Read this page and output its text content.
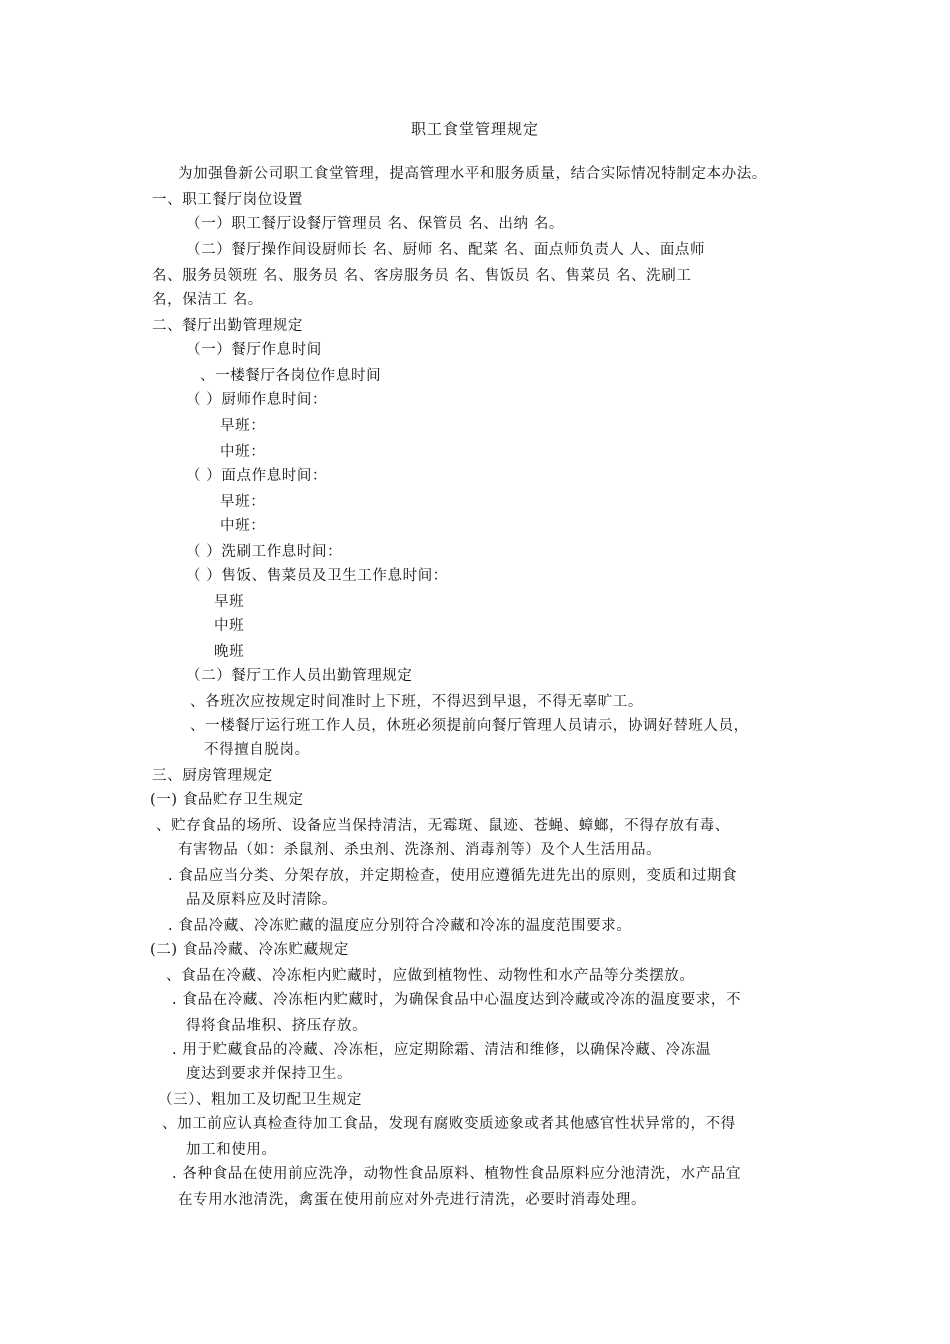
职工食堂管理规定
为加强鲁新公司职工食堂管理，提高管理水平和服务质量，结合实际情况特制定本办法。
一、职工餐厅岗位设置
（一）职工餐厅设餐厅管理员 名、保管员 名、出纳 名。
（二）餐厅操作间设厨师长 名、厨师 名、配菜 名、面点师负责人 人、面点师
名、服务员领班 名、服务员 名、客房服务员 名、售饭员 名、售菜员 名、洗刷工
名，保洁工 名。
二、餐厅出勤管理规定
（一）餐厅作息时间
、一楼餐厅各岗位作息时间
（ ）厨师作息时间：
早班：
中班：
（ ）面点作息时间：
早班：
中班：
（ ）洗刷工作息时间：
（ ）售饭、售菜员及卫生工作息时间：
早班
中班
晚班
（二）餐厅工作人员出勤管理规定
、各班次应按规定时间准时上下班，不得迟到早退，不得无辜旷工。
、一楼餐厅运行班工作人员，休班必须提前向餐厅管理人员请示，协调好替班人员，
不得擅自脱岗。
三、厨房管理规定
(一) 食品贮存卫生规定
、贮存食品的场所、设备应当保持清洁，无霉斑、鼠迹、苍蝇、蟑螂，不得存放有毒、
有害物品（如：杀鼠剂、杀虫剂、洗涤剂、消毒剂等）及个人生活用品。
. 食品应当分类、分架存放，并定期检查，使用应遵循先进先出的原则，变质和过期食
品及原料应及时清除。
. 食品冷藏、冷冻贮藏的温度应分别符合冷藏和冷冻的温度范围要求。
(二) 食品冷藏、冷冻贮藏规定
、食品在冷藏、冷冻柜内贮藏时，应做到植物性、动物性和水产品等分类摆放。
. 食品在冷藏、冷冻柜内贮藏时，为确保食品中心温度达到冷藏或冷冻的温度要求，不
得将食品堆积、挤压存放。
. 用于贮藏食品的冷藏、冷冻柜，应定期除霜、清洁和维修，以确保冷藏、冷冻温
度达到要求并保持卫生。
（三）、粗加工及切配卫生规定
、加工前应认真检查待加工食品，发现有腐败变质迹象或者其他感官性状异常的，不得
加工和使用。
. 各种食品在使用前应洗净，动物性食品原料、植物性食品原料应分池清洗，水产品宜
在专用水池清洗，禽蛋在使用前应对外壳进行清洗，必要时消毒处理。
